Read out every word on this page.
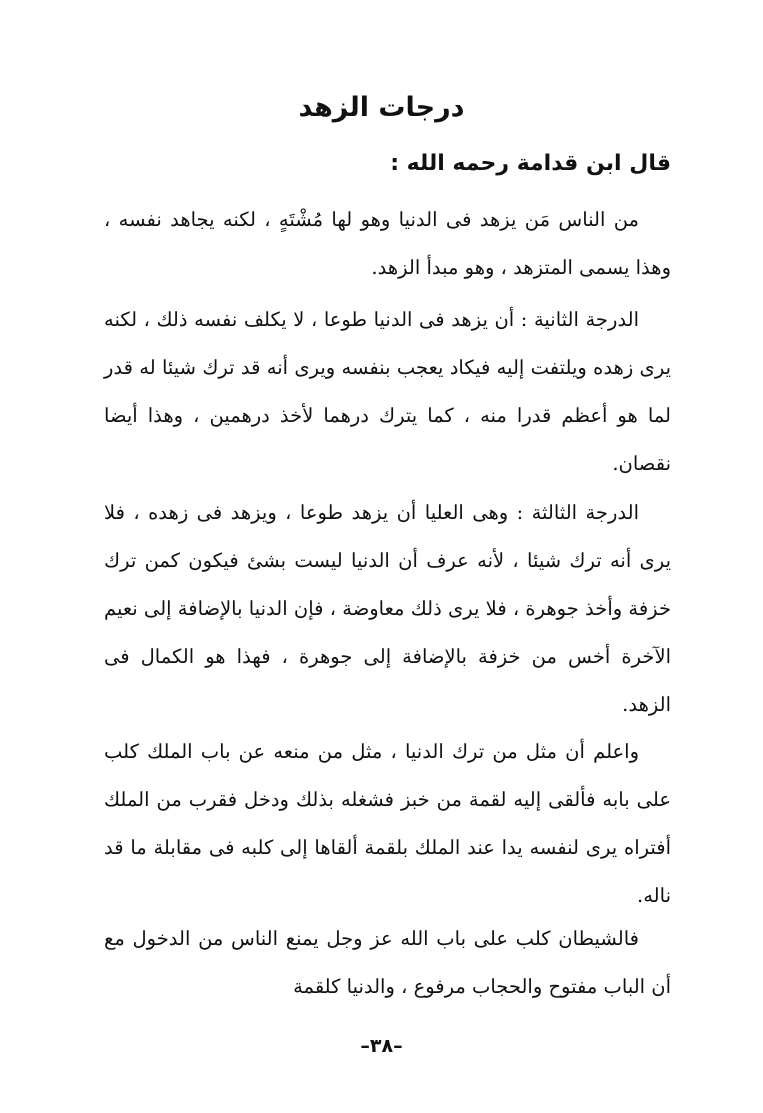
درجات الزهد
قال ابن قدامة رحمه الله :

من الناس مَن يزهد فى الدنيا وهو لها مُشْتَهٍ ، لكنه يجاهد نفسه ، وهذا يسمى المتزهد ، وهو مبدأ الزهد.

الدرجة الثانية : أن يزهد فى الدنيا طوعا ، لا يكلف نفسه ذلك ، لكنه يرى زهده ويلتفت إليه فيكاد يعجب بنفسه ويرى أنه قد ترك شيئا له قدر لما هو أعظم قدرا منه ، كما يترك درهما لأخذ درهمين ، وهذا أيضا نقصان.

الدرجة الثالثة : وهى العليا أن يزهد طوعا ، ويزهد فى زهده ، فلا يرى أنه ترك شيئا ، لأنه عرف أن الدنيا ليست بشئ فيكون كمن ترك خزفة وأخذ جوهرة ، فلا يرى ذلك معاوضة ، فإن الدنيا بالإضافة إلى نعيم الآخرة أخس من خزفة بالإضافة إلى جوهرة ، فهذا هو الكمال فى الزهد.

واعلم أن مثل من ترك الدنيا ، مثل من منعه عن باب الملك كلب على بابه فألقى إليه لقمة من خبز فشغله بذلك ودخل فقرب من الملك أفتراه يرى لنفسه يدا عند الملك بلقمة ألقاها إلى كلبه فى مقابلة ما قد ناله.

فالشيطان كلب على باب الله عز وجل يمنع الناس من الدخول مع أن الباب مفتوح والحجاب مرفوع ، والدنيا كلقمة

–٣٨–
